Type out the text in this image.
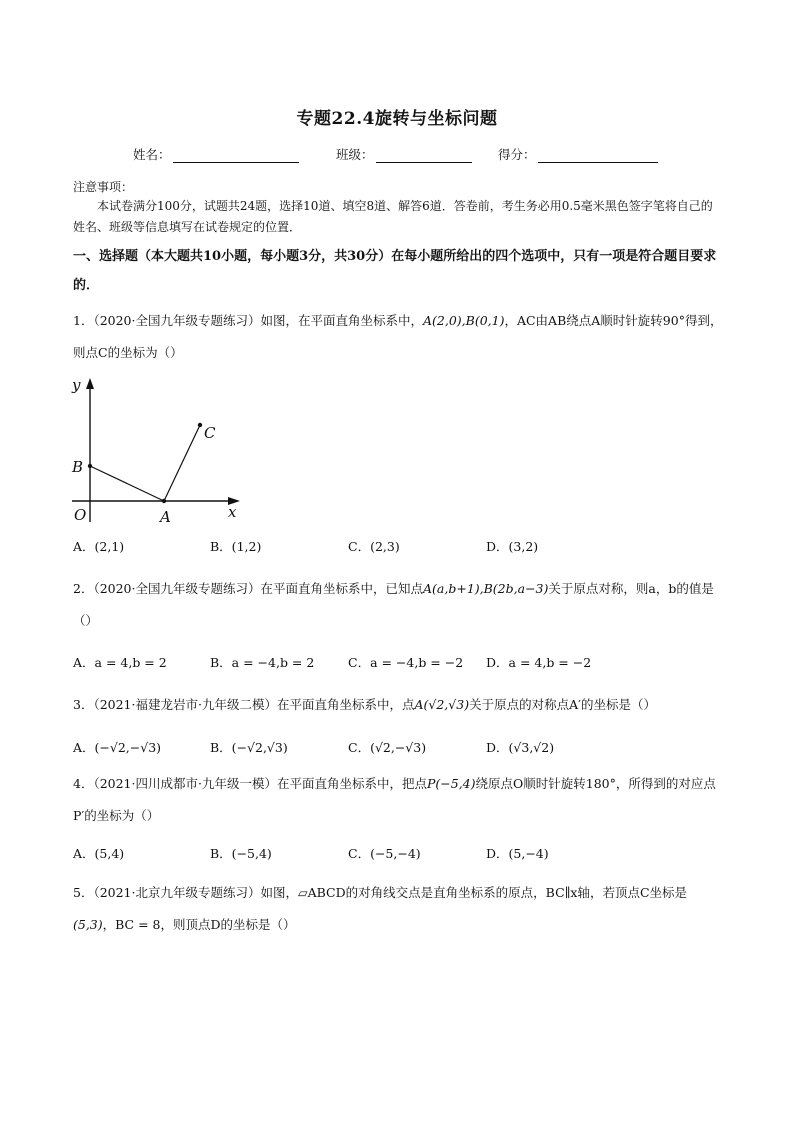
专题22.4旋转与坐标问题
姓名：	班级：	得分：
注意事项：
本试卷满分100分，试题共24题，选择10道、填空8道、解答6道．答卷前，考生务必用0.5毫米黑色签字笔将自己的姓名、班级等信息填写在试卷规定的位置．
一、选择题（本大题共10小题，每小题3分，共30分）在每小题所给出的四个选项中，只有一项是符合题目要求的．
1．（2020·全国九年级专题练习）如图，在平面直角坐标系中，A(2,0),B(0,1)，AC由AB绕点A顺时针旋转90°得到，则点C的坐标为（）
y
x
O	A
B
C
A．(2,1)	B．(1,2)	C．(2,3)	D．(3,2)
2．（2020·全国九年级专题练习）在平面直角坐标系中，已知点A(a,b+1),B(2b,a−3)关于原点对称，则a，b的值是（）
A．a = 4,b = 2	B．a = −4,b = 2	C．a = −4,b = −2 D．a = 4,b = −2
3．（2021·福建龙岩市·九年级二模）在平面直角坐标系中，点A(√2,√3)关于原点的对称点A′的坐标是（）
A．(−√2,−√3)	B．(−√2,√3)	C．(√2,−√3)	D．(√3,√2)
4．（2021·四川成都市·九年级一模）在平面直角坐标系中，把点P(−5,4)绕原点O顺时针旋转180°，所得到的对应点P′的坐标为（）
A．(5,4)	B．(−5,4)	C．(−5,−4)	D．(5,−4)
5．（2021·北京九年级专题练习）如图，▱ABCD的对角线交点是直角坐标系的原点，BC∥x轴，若顶点C坐标是(5,3)，BC = 8，则顶点D的坐标是（）
